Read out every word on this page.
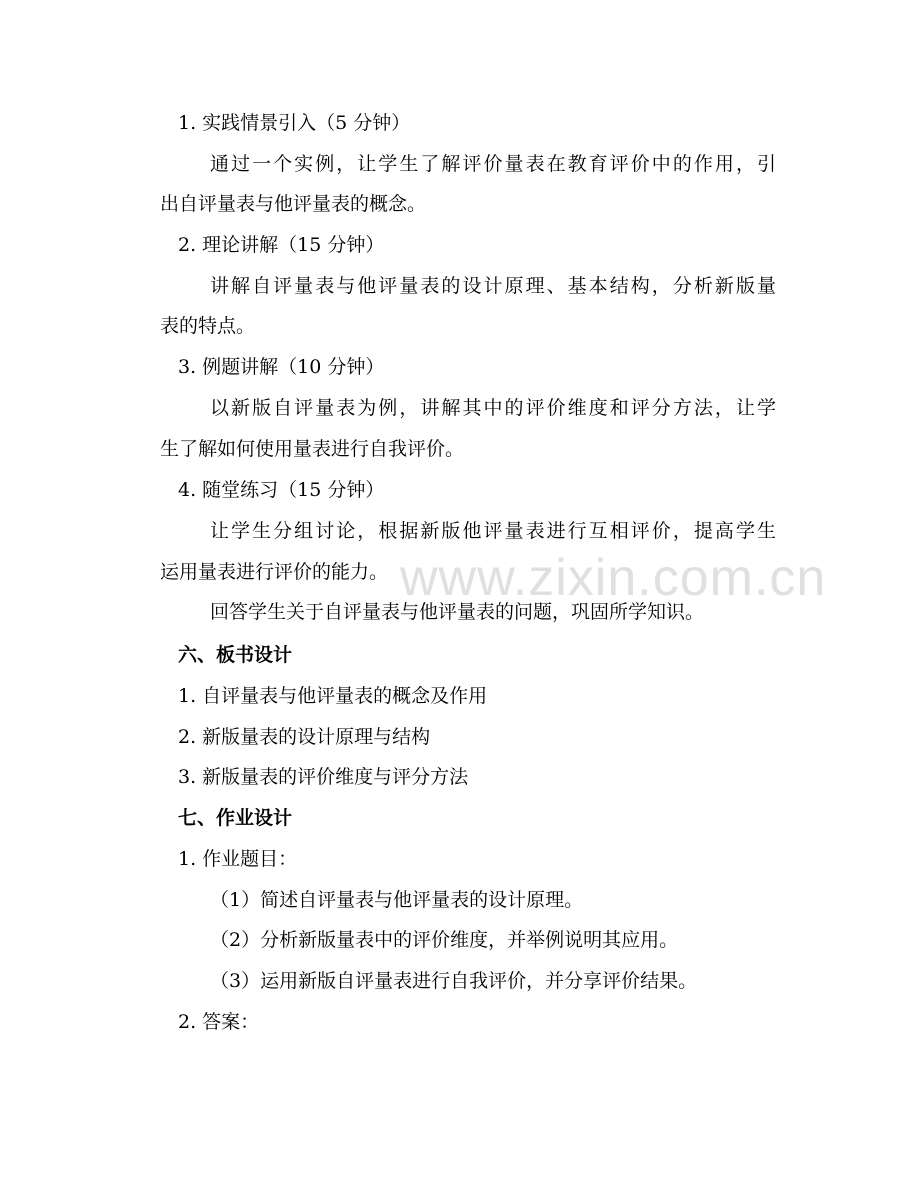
www.zixin.com.cn
1. 实践情景引入（5 分钟）
通过一个实例，让学生了解评价量表在教育评价中的作用，引
出自评量表与他评量表的概念。
2. 理论讲解（15 分钟）
讲解自评量表与他评量表的设计原理、基本结构，分析新版量
表的特点。
3. 例题讲解（10 分钟）
以新版自评量表为例，讲解其中的评价维度和评分方法，让学
生了解如何使用量表进行自我评价。
4. 随堂练习（15 分钟）
让学生分组讨论，根据新版他评量表进行互相评价，提高学生
运用量表进行评价的能力。
回答学生关于自评量表与他评量表的问题，巩固所学知识。
六、板书设计
1. 自评量表与他评量表的概念及作用
2. 新版量表的设计原理与结构
3. 新版量表的评价维度与评分方法
七、作业设计
1. 作业题目：
（1）简述自评量表与他评量表的设计原理。
（2）分析新版量表中的评价维度，并举例说明其应用。
（3）运用新版自评量表进行自我评价，并分享评价结果。
2. 答案：
